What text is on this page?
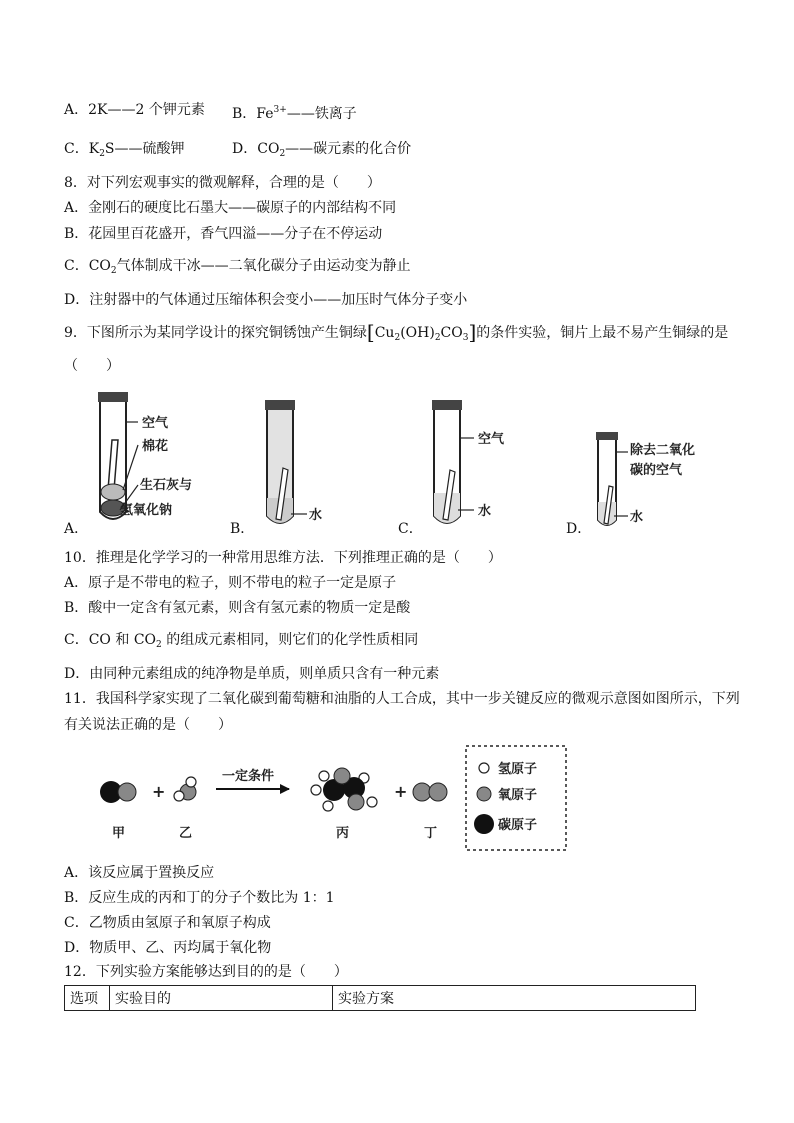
A．2K——2 个钾元素 B．$Fe^{3+}——$铁离子
C．$K_2S——$硫酸钾	D．$CO_2——$碳元素的化合价
8．对下列宏观事实的微观解释，合理的是（　　）
A．金刚石的硬度比石墨大——碳原子的内部结构不同
B．花园里百花盛开，香气四溢——分子在不停运动
C．$CO_2$气体制成干冰——二氧化碳分子由运动变为静止
D．注射器中的气体通过压缩体积会变小——加压时气体分子变小
9．下图所示为某同学设计的探究铜锈蚀产生铜绿$[Cu_2(OH)_2CO_3]$的条件实验，铜片上最不易产生铜绿的是
（　　）
A．
空气
棉花
生石灰与
氢氧化钠
B．
水
C．
空气
水
D．
除去二氧化
碳的空气
水
10．推理是化学学习的一种常用思维方法．下列推理正确的是（　　）
A．原子是不带电的粒子，则不带电的粒子一定是原子
B．酸中一定含有氢元素，则含有氢元素的物质一定是酸
C．CO 和 $CO_2$ 的组成元素相同，则它们的化学性质相同
D．由同种元素组成的纯净物是单质，则单质只含有一种元素
11．我国科学家实现了二氧化碳到葡萄糖和油脂的人工合成，其中一步关键反应的微观示意图如图所示，下列
有关说法正确的是（　　）
甲
+
乙
一定条件
丙
+
丁
氢原子
氧原子
碳原子
A．该反应属于置换反应
B．反应生成的丙和丁的分子个数比为 1：1
C．乙物质由氢原子和氧原子构成
D．物质甲、乙、丙均属于氧化物
12．下列实验方案能够达到目的的是（　　）
选项	实验目的	实验方案
